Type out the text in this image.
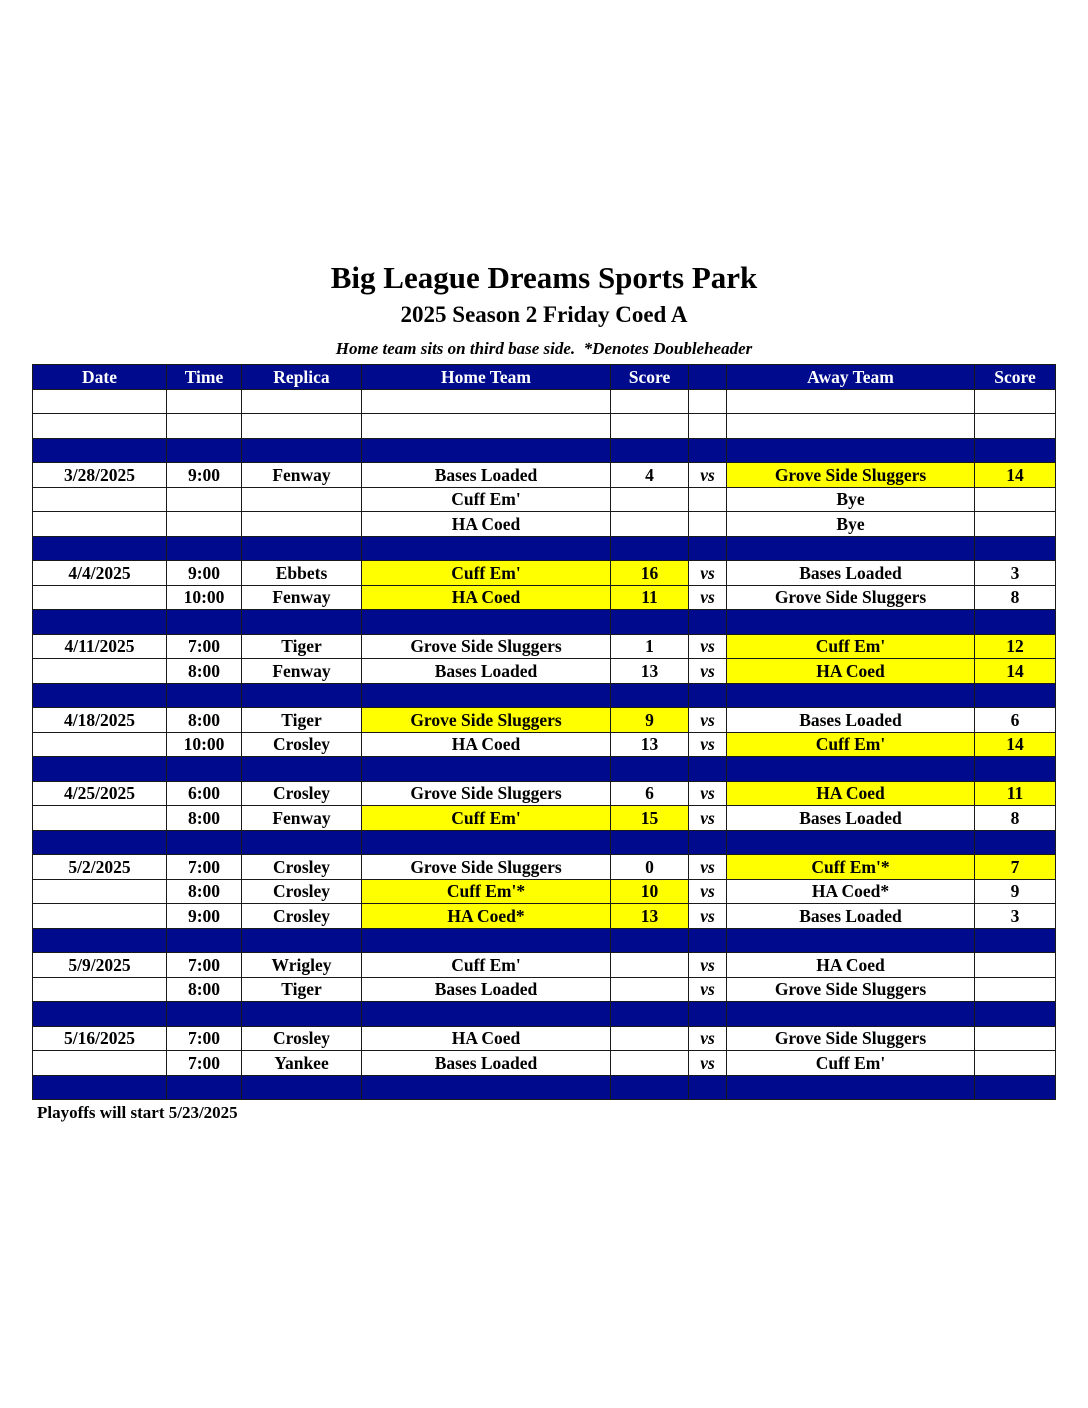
Big League Dreams Sports Park
2025 Season 2 Friday Coed A
Home team sits on third base side.  *Denotes Doubleheader
Date	Time	Replica	Home Team	Score		Away Team	Score

3/28/2025	9:00	Fenway	Bases Loaded	4	vs	Grove Side Sluggers	14
			Cuff Em'			Bye	
			HA Coed			Bye	

4/4/2025	9:00	Ebbets	Cuff Em'	16	vs	Bases Loaded	3
	10:00	Fenway	HA Coed	11	vs	Grove Side Sluggers	8

4/11/2025	7:00	Tiger	Grove Side Sluggers	1	vs	Cuff Em'	12
	8:00	Fenway	Bases Loaded	13	vs	HA Coed	14

4/18/2025	8:00	Tiger	Grove Side Sluggers	9	vs	Bases Loaded	6
	10:00	Crosley	HA Coed	13	vs	Cuff Em'	14

4/25/2025	6:00	Crosley	Grove Side Sluggers	6	vs	HA Coed	11
	8:00	Fenway	Cuff Em'	15	vs	Bases Loaded	8

5/2/2025	7:00	Crosley	Grove Side Sluggers	0	vs	Cuff Em'*	7
	8:00	Crosley	Cuff Em'*	10	vs	HA Coed*	9
	9:00	Crosley	HA Coed*	13	vs	Bases Loaded	3

5/9/2025	7:00	Wrigley	Cuff Em'		vs	HA Coed	
	8:00	Tiger	Bases Loaded		vs	Grove Side Sluggers	

5/16/2025	7:00	Crosley	HA Coed		vs	Grove Side Sluggers	
	7:00	Yankee	Bases Loaded		vs	Cuff Em'	

Playoffs will start 5/23/2025
